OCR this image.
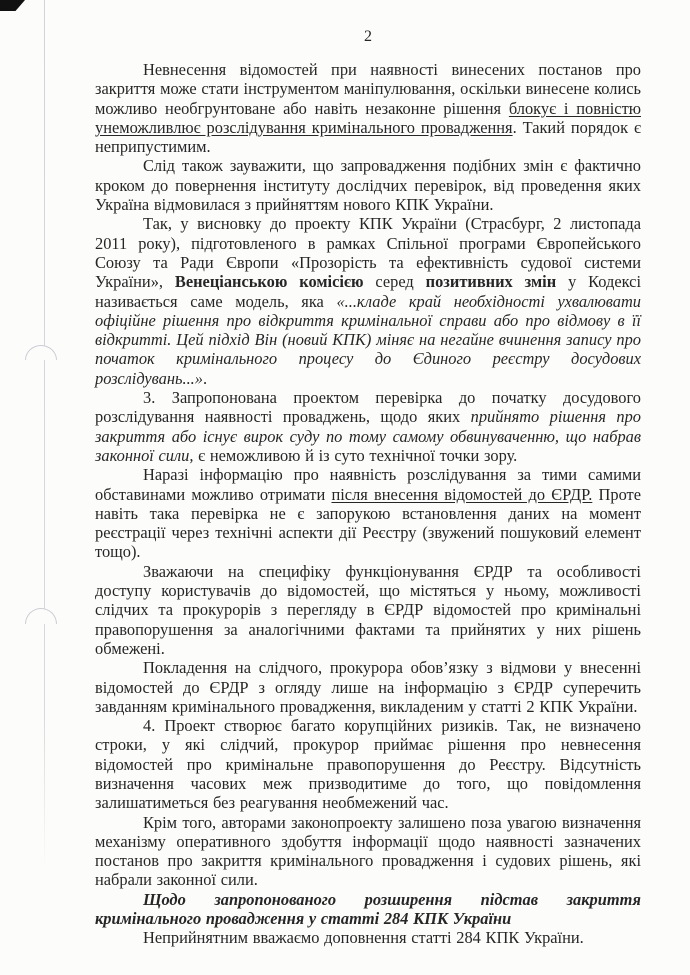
2

Невнесення відомостей при наявності винесених постанов про закриття може стати інструментом маніпулювання, оскільки винесене колись можливо необгрунтоване або навіть незаконне рішення блокує і повністю унеможливлює розслідування кримінального провадження. Такий порядок є неприпустимим.

Слід також зауважити, що запровадження подібних змін є фактично кроком до повернення інституту дослідчих перевірок, від проведення яких Україна відмовилася з прийняттям нового КПК України.

Так, у висновку до проекту КПК України (Страсбург, 2 листопада 2011 року), підготовленого в рамках Спільної програми Європейського Союзу та Ради Європи «Прозорість та ефективність судової системи України», Венеціанською комісією серед позитивних змін у Кодексі називається саме модель, яка «...кладе край необхідності ухвалювати офіційне рішення про відкриття кримінальної справи або про відмову в її відкритті. Цей підхід Він (новий КПК) міняє на негайне вчинення запису про початок кримінального процесу до Єдиного реєстру досудових розслідувань...».

3. Запропонована проектом перевірка до початку досудового розслідування наявності проваджень, щодо яких прийнято рішення про закриття або існує вирок суду по тому самому обвинуваченню, що набрав законної сили, є неможливою й із суто технічної точки зору.

Наразі інформацію про наявність розслідування за тими самими обставинами можливо отримати після внесення відомостей до ЄРДР. Проте навіть така перевірка не є запорукою встановлення даних на момент реєстрації через технічні аспекти дії Реєстру (звужений пошуковий елемент тощо).

Зважаючи на специфіку функціонування ЄРДР та особливості доступу користувачів до відомостей, що містяться у ньому, можливості слідчих та прокурорів з перегляду в ЄРДР відомостей про кримінальні правопорушення за аналогічними фактами та прийнятих у них рішень обмежені.

Покладення на слідчого, прокурора обов’язку з відмови у внесенні відомостей до ЄРДР з огляду лише на інформацію з ЄРДР суперечить завданням кримінального провадження, викладеним у статті 2 КПК України.

4. Проект створює багато корупційних ризиків. Так, не визначено строки, у які слідчий, прокурор приймає рішення про невнесення відомостей про кримінальне правопорушення до Реєстру. Відсутність визначення часових меж призводитиме до того, що повідомлення залишатиметься без реагування необмежений час.

Крім того, авторами законопроекту залишено поза увагою визначення механізму оперативного здобуття інформації щодо наявності зазначених постанов про закриття кримінального провадження і судових рішень, які набрали законної сили.

Щодо запропонованого розширення підстав закриття кримінального провадження у статті 284 КПК України

Неприйнятним вважаємо доповнення статті 284 КПК України.
